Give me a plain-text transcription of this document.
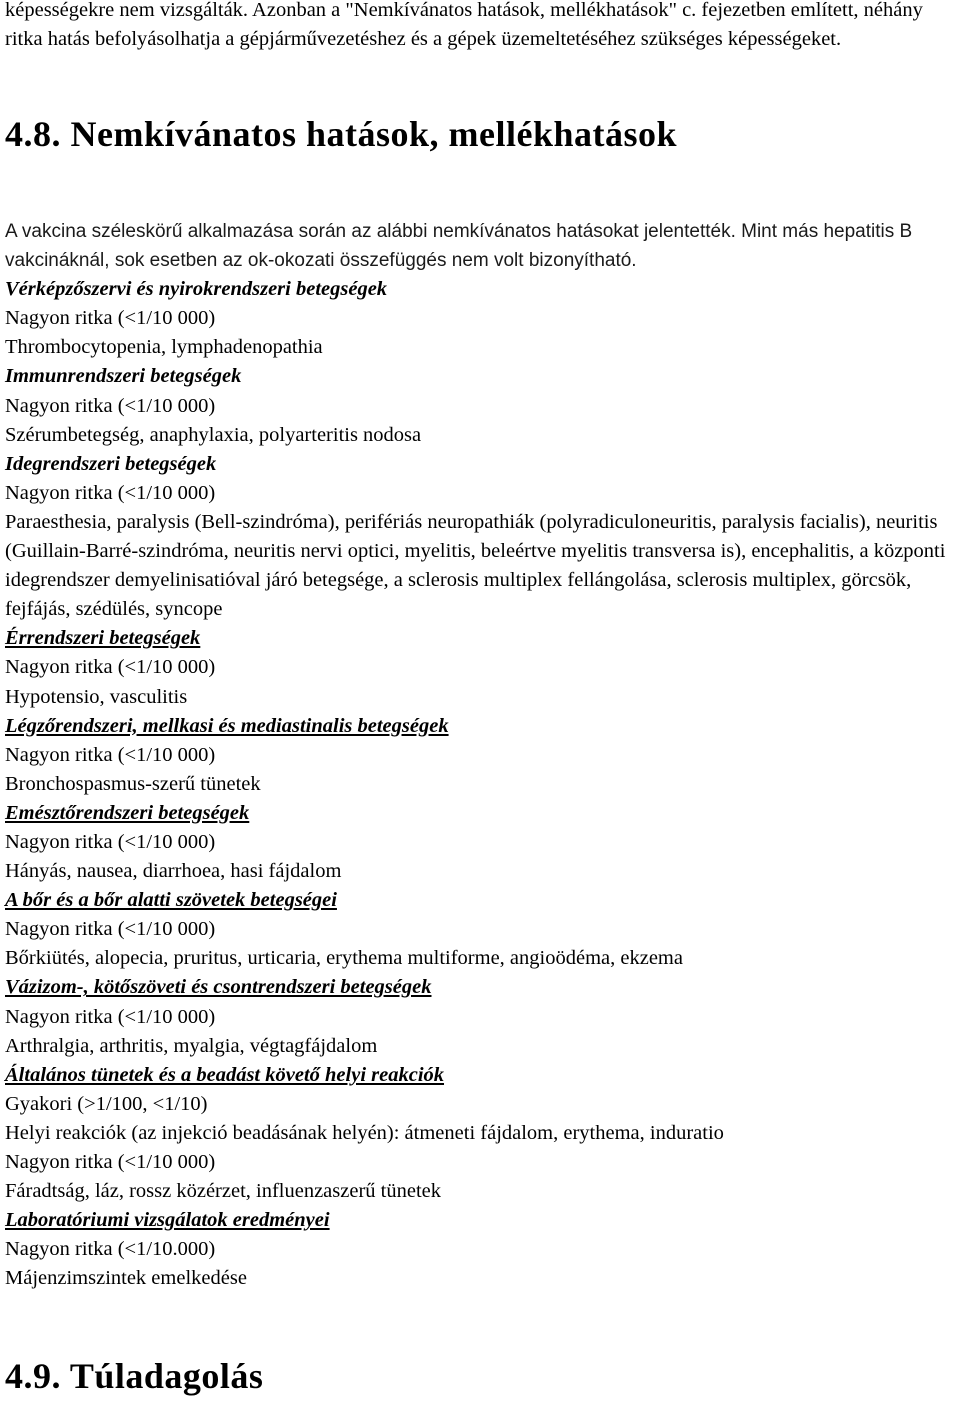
képességekre nem vizsgálták. Azonban a "Nemkívánatos hatások, mellékhatások" c. fejezetben említett, néhány ritka hatás befolyásolhatja a gépjárművezetéshez és a gépek üzemeltetéséhez szükséges képességeket.

4.8. Nemkívánatos hatások, mellékhatások

A vakcina széleskörű alkalmazása során az alábbi nemkívánatos hatásokat jelentették. Mint más hepatitis B vakcináknál, sok esetben az ok-okozati összefüggés nem volt bizonyítható.

Vérképzőszervi és nyirokrendszeri betegségek

Nagyon ritka (<1/10 000)

Thrombocytopenia, lymphadenopathia

Immunrendszeri betegségek

Nagyon ritka (<1/10 000)

Szérumbetegség, anaphylaxia, polyarteritis nodosa

Idegrendszeri betegségek

Nagyon ritka (<1/10 000)

Paraesthesia, paralysis (Bell-szindróma), perifériás neuropathiák (polyradiculoneuritis, paralysis facialis), neuritis (Guillain-Barré-szindróma, neuritis nervi optici, myelitis, beleértve myelitis transversa is), encephalitis, a központi idegrendszer demyelinisatióval járó betegsége, a sclerosis multiplex fellángolása, sclerosis multiplex, görcsök, fejfájás, szédülés, syncope

Érrendszeri betegségek

Nagyon ritka (<1/10 000)

Hypotensio, vasculitis

Légzőrendszeri, mellkasi és mediastinalis betegségek

Nagyon ritka (<1/10 000)

Bronchospasmus-szerű tünetek

Emésztőrendszeri betegségek

Nagyon ritka (<1/10 000)

Hányás, nausea, diarrhoea, hasi fájdalom

A bőr és a bőr alatti szövetek betegségei

Nagyon ritka (<1/10 000)

Bőrkiütés, alopecia, pruritus, urticaria, erythema multiforme, angioödéma, ekzema

Vázizom-, kötőszöveti és csontrendszeri betegségek

Nagyon ritka (<1/10 000)

Arthralgia, arthritis, myalgia, végtagfájdalom

Általános tünetek és a beadást követő helyi reakciók

Gyakori (>1/100, <1/10)

Helyi reakciók (az injekció beadásának helyén): átmeneti fájdalom, erythema, induratio

Nagyon ritka (<1/10 000)

Fáradtság, láz, rossz közérzet, influenzaszerű tünetek

Laboratóriumi vizsgálatok eredményei

Nagyon ritka (<1/10.000)

Májenzimszintek emelkedése

4.9. Túladagolás
